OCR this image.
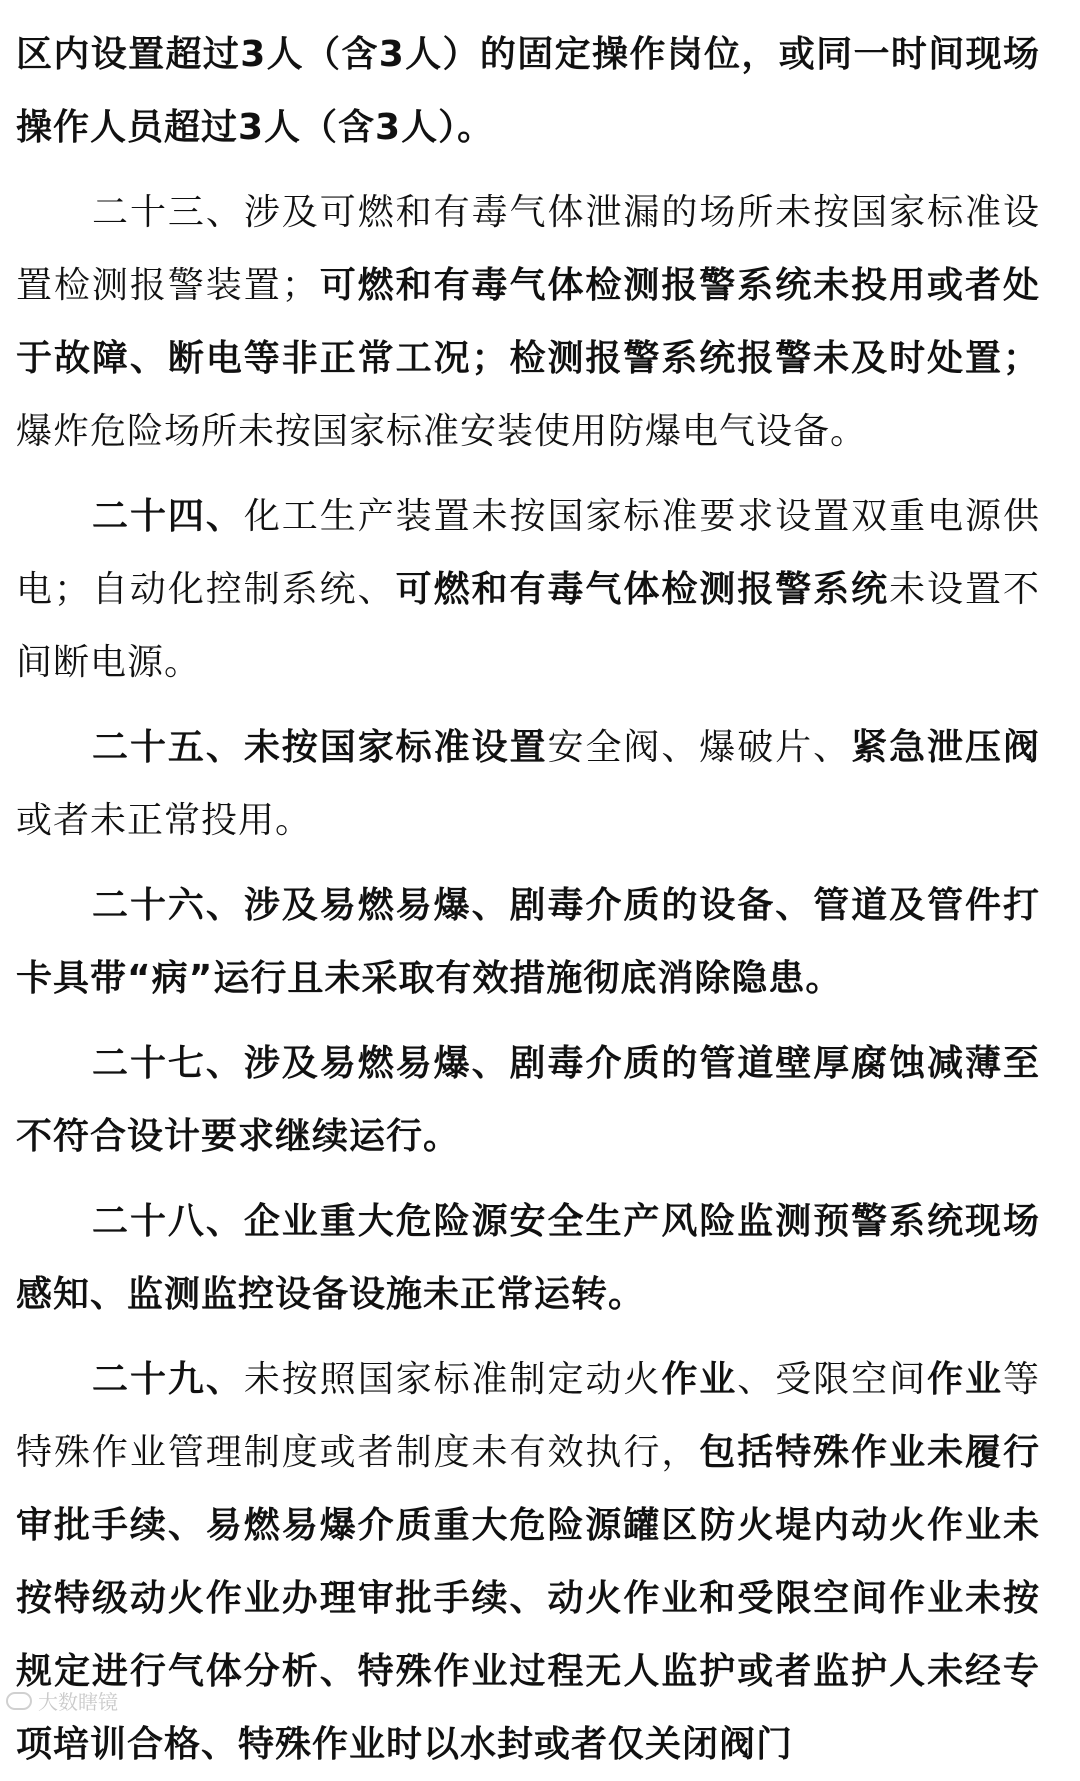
区内设置超过3人（含3人）的固定操作岗位，或同一时间现场操作人员超过3人（含3人）。

二十三、涉及可燃和有毒气体泄漏的场所未按国家标准设置检测报警装置；可燃和有毒气体检测报警系统未投用或者处于故障、断电等非正常工况；检测报警系统报警未及时处置；爆炸危险场所未按国家标准安装使用防爆电气设备。

二十四、化工生产装置未按国家标准要求设置双重电源供电；自动化控制系统、可燃和有毒气体检测报警系统未设置不间断电源。

二十五、未按国家标准设置安全阀、爆破片、紧急泄压阀或者未正常投用。

二十六、涉及易燃易爆、剧毒介质的设备、管道及管件打卡具带“病”运行且未采取有效措施彻底消除隐患。

二十七、涉及易燃易爆、剧毒介质的管道壁厚腐蚀减薄至不符合设计要求继续运行。

二十八、企业重大危险源安全生产风险监测预警系统现场感知、监测监控设备设施未正常运转。

二十九、未按照国家标准制定动火作业、受限空间作业等特殊作业管理制度或者制度未有效执行，包括特殊作业未履行审批手续、易燃易爆介质重大危险源罐区防火堤内动火作业未按特级动火作业办理审批手续、动火作业和受限空间作业未按规定进行气体分析、特殊作业过程无人监护或者监护人未经专项培训合格、特殊作业时以水封或者仅关闭阀门

大数瞎镜
